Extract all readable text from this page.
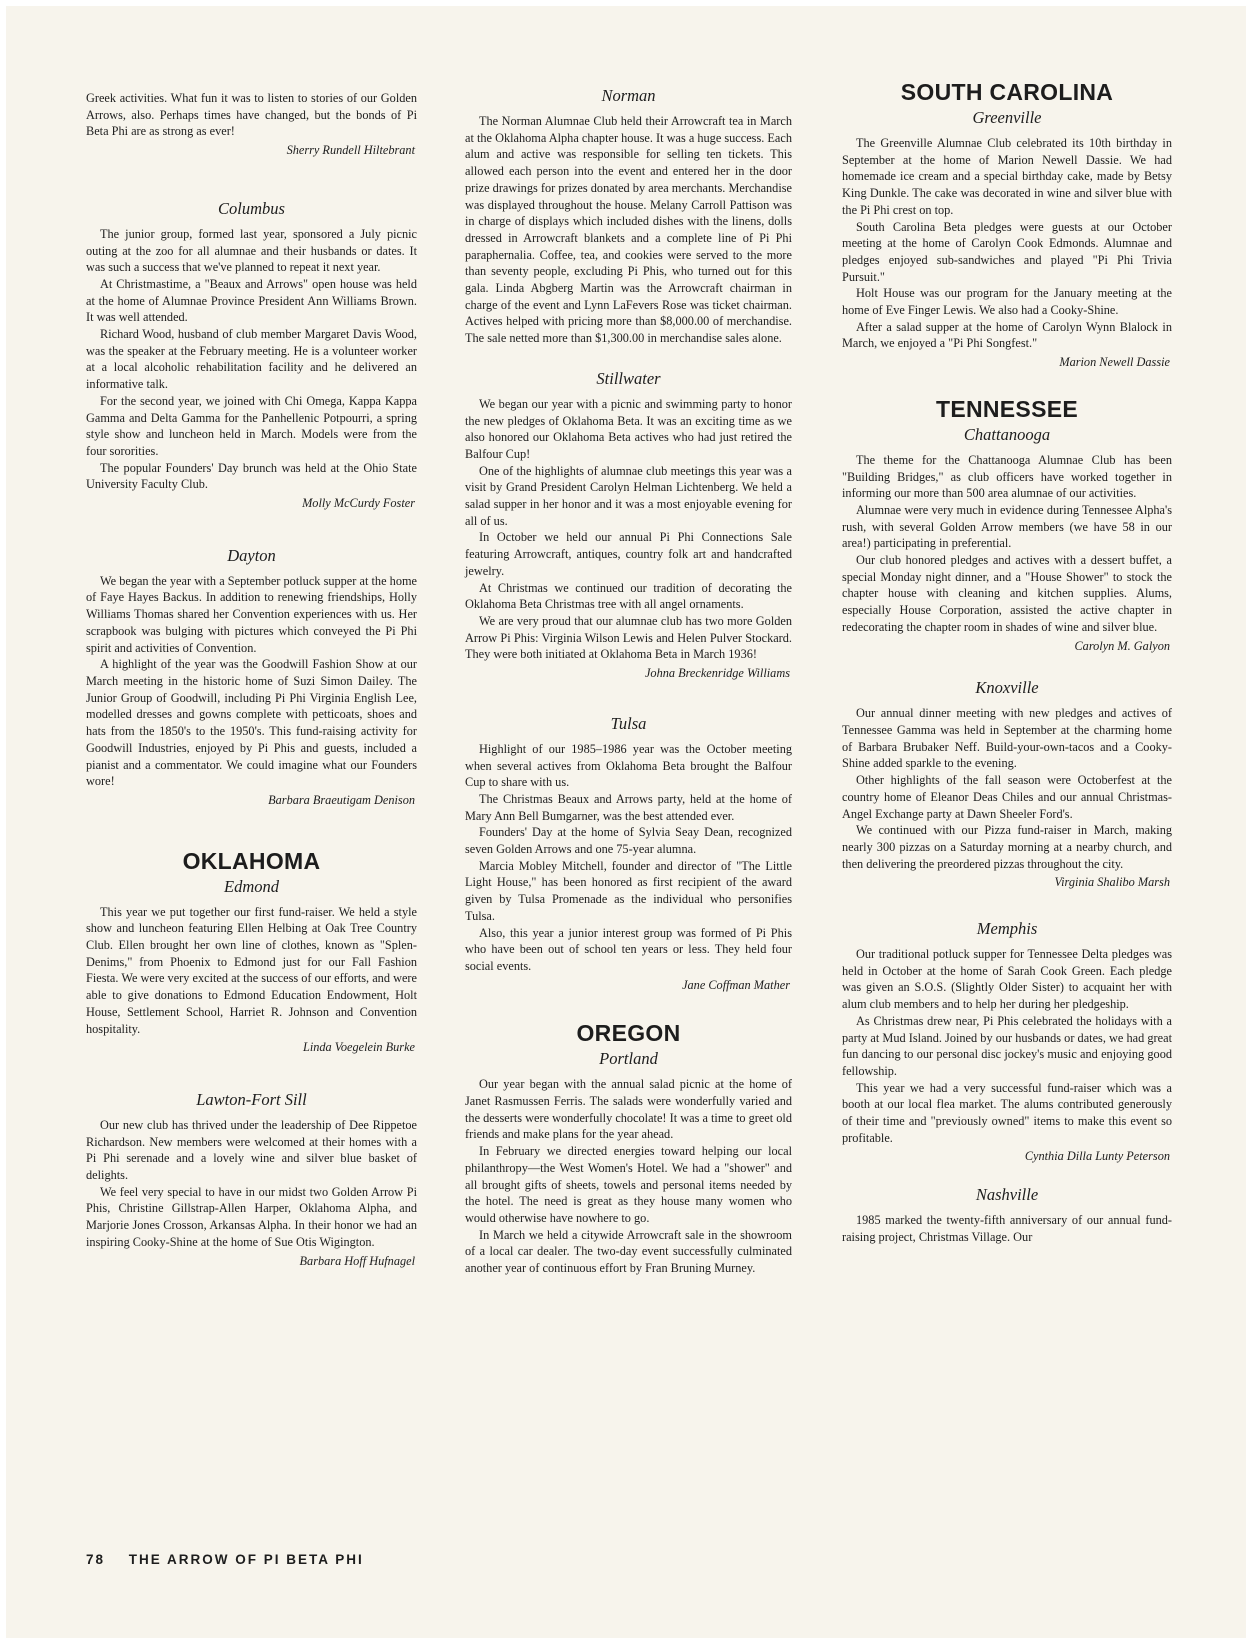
Greek activities. What fun it was to listen to stories of our Golden Arrows, also. Perhaps times have changed, but the bonds of Pi Beta Phi are as strong as ever!

Sherry Rundell Hiltebrant

Columbus

The junior group, formed last year, sponsored a July picnic outing at the zoo for all alumnae and their husbands or dates. It was such a success that we've planned to repeat it next year.

At Christmastime, a "Beaux and Arrows" open house was held at the home of Alumnae Province President Ann Williams Brown. It was well attended.

Richard Wood, husband of club member Margaret Davis Wood, was the speaker at the February meeting. He is a volunteer worker at a local alcoholic rehabilitation facility and he delivered an informative talk.

For the second year, we joined with Chi Omega, Kappa Kappa Gamma and Delta Gamma for the Panhellenic Potpourri, a spring style show and luncheon held in March. Models were from the four sororities.

The popular Founders' Day brunch was held at the Ohio State University Faculty Club.

Molly McCurdy Foster

Dayton

We began the year with a September potluck supper at the home of Faye Hayes Backus. In addition to renewing friendships, Holly Williams Thomas shared her Convention experiences with us. Her scrapbook was bulging with pictures which conveyed the Pi Phi spirit and activities of Convention.

A highlight of the year was the Goodwill Fashion Show at our March meeting in the historic home of Suzi Simon Dailey. The Junior Group of Goodwill, including Pi Phi Virginia English Lee, modelled dresses and gowns complete with petticoats, shoes and hats from the 1850's to the 1950's. This fund-raising activity for Goodwill Industries, enjoyed by Pi Phis and guests, included a pianist and a commentator. We could imagine what our Founders wore!

Barbara Braeutigam Denison

OKLAHOMA
Edmond

This year we put together our first fund-raiser. We held a style show and luncheon featuring Ellen Helbing at Oak Tree Country Club. Ellen brought her own line of clothes, known as "Splen-Denims," from Phoenix to Edmond just for our Fall Fashion Fiesta. We were very excited at the success of our efforts, and were able to give donations to Edmond Education Endowment, Holt House, Settlement School, Harriet R. Johnson and Convention hospitality.

Linda Voegelein Burke

Lawton-Fort Sill

Our new club has thrived under the leadership of Dee Rippetoe Richardson. New members were welcomed at their homes with a Pi Phi serenade and a lovely wine and silver blue basket of delights.

We feel very special to have in our midst two Golden Arrow Pi Phis, Christine Gillstrap-Allen Harper, Oklahoma Alpha, and Marjorie Jones Crosson, Arkansas Alpha. In their honor we had an inspiring Cooky-Shine at the home of Sue Otis Wigington.

Barbara Hoff Hufnagel

Norman

The Norman Alumnae Club held their Arrowcraft tea in March at the Oklahoma Alpha chapter house. It was a huge success. Each alum and active was responsible for selling ten tickets. This allowed each person into the event and entered her in the door prize drawings for prizes donated by area merchants. Merchandise was displayed throughout the house. Melany Carroll Pattison was in charge of displays which included dishes with the linens, dolls dressed in Arrowcraft blankets and a complete line of Pi Phi paraphernalia. Coffee, tea, and cookies were served to the more than seventy people, excluding Pi Phis, who turned out for this gala. Linda Abgberg Martin was the Arrowcraft chairman in charge of the event and Lynn LaFevers Rose was ticket chairman. Actives helped with pricing more than $8,000.00 of merchandise. The sale netted more than $1,300.00 in merchandise sales alone.

Stillwater

We began our year with a picnic and swimming party to honor the new pledges of Oklahoma Beta. It was an exciting time as we also honored our Oklahoma Beta actives who had just retired the Balfour Cup!

One of the highlights of alumnae club meetings this year was a visit by Grand President Carolyn Helman Lichtenberg. We held a salad supper in her honor and it was a most enjoyable evening for all of us.

In October we held our annual Pi Phi Connections Sale featuring Arrowcraft, antiques, country folk art and handcrafted jewelry.

At Christmas we continued our tradition of decorating the Oklahoma Beta Christmas tree with all angel ornaments.

We are very proud that our alumnae club has two more Golden Arrow Pi Phis: Virginia Wilson Lewis and Helen Pulver Stockard. They were both initiated at Oklahoma Beta in March 1936!

Johna Breckenridge Williams

Tulsa

Highlight of our 1985–1986 year was the October meeting when several actives from Oklahoma Beta brought the Balfour Cup to share with us.

The Christmas Beaux and Arrows party, held at the home of Mary Ann Bell Bumgarner, was the best attended ever.

Founders' Day at the home of Sylvia Seay Dean, recognized seven Golden Arrows and one 75-year alumna.

Marcia Mobley Mitchell, founder and director of "The Little Light House," has been honored as first recipient of the award given by Tulsa Promenade as the individual who personifies Tulsa.

Also, this year a junior interest group was formed of Pi Phis who have been out of school ten years or less. They held four social events.

Jane Coffman Mather

OREGON
Portland

Our year began with the annual salad picnic at the home of Janet Rasmussen Ferris. The salads were wonderfully varied and the desserts were wonderfully chocolate! It was a time to greet old friends and make plans for the year ahead.

In February we directed energies toward helping our local philanthropy—the West Women's Hotel. We had a "shower" and all brought gifts of sheets, towels and personal items needed by the hotel. The need is great as they house many women who would otherwise have nowhere to go.

In March we held a citywide Arrowcraft sale in the showroom of a local car dealer. The two-day event successfully culminated another year of continuous effort by Fran Bruning Murney.

SOUTH CAROLINA
Greenville

The Greenville Alumnae Club celebrated its 10th birthday in September at the home of Marion Newell Dassie. We had homemade ice cream and a special birthday cake, made by Betsy King Dunkle. The cake was decorated in wine and silver blue with the Pi Phi crest on top.

South Carolina Beta pledges were guests at our October meeting at the home of Carolyn Cook Edmonds. Alumnae and pledges enjoyed sub-sandwiches and played "Pi Phi Trivia Pursuit."

Holt House was our program for the January meeting at the home of Eve Finger Lewis. We also had a Cooky-Shine.

After a salad supper at the home of Carolyn Wynn Blalock in March, we enjoyed a "Pi Phi Songfest."

Marion Newell Dassie

TENNESSEE
Chattanooga

The theme for the Chattanooga Alumnae Club has been "Building Bridges," as club officers have worked together in informing our more than 500 area alumnae of our activities.

Alumnae were very much in evidence during Tennessee Alpha's rush, with several Golden Arrow members (we have 58 in our area!) participating in preferential.

Our club honored pledges and actives with a dessert buffet, a special Monday night dinner, and a "House Shower" to stock the chapter house with cleaning and kitchen supplies. Alums, especially House Corporation, assisted the active chapter in redecorating the chapter room in shades of wine and silver blue.

Carolyn M. Galyon

Knoxville

Our annual dinner meeting with new pledges and actives of Tennessee Gamma was held in September at the charming home of Barbara Brubaker Neff. Build-your-own-tacos and a Cooky-Shine added sparkle to the evening.

Other highlights of the fall season were Octoberfest at the country home of Eleanor Deas Chiles and our annual Christmas-Angel Exchange party at Dawn Sheeler Ford's.

We continued with our Pizza fund-raiser in March, making nearly 300 pizzas on a Saturday morning at a nearby church, and then delivering the preordered pizzas throughout the city.

Virginia Shalibo Marsh

Memphis

Our traditional potluck supper for Tennessee Delta pledges was held in October at the home of Sarah Cook Green. Each pledge was given an S.O.S. (Slightly Older Sister) to acquaint her with alum club members and to help her during her pledgeship.

As Christmas drew near, Pi Phis celebrated the holidays with a party at Mud Island. Joined by our husbands or dates, we had great fun dancing to our personal disc jockey's music and enjoying good fellowship.

This year we had a very successful fund-raiser which was a booth at our local flea market. The alums contributed generously of their time and "previously owned" items to make this event so profitable.

Cynthia Dilla Lunty Peterson

Nashville

1985 marked the twenty-fifth anniversary of our annual fund-raising project, Christmas Village. Our

78 THE ARROW OF PI BETA PHI
